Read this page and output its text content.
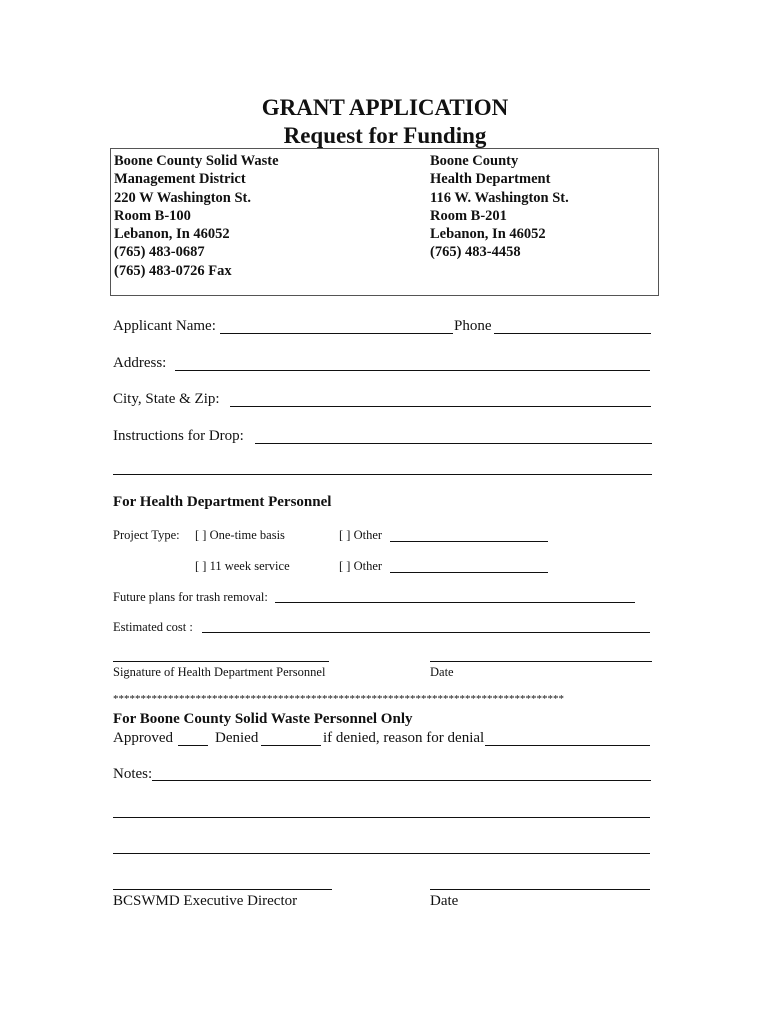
GRANT APPLICATION
Request for Funding
Boone County Solid Waste
Management District
220 W Washington St.
Room B-100
Lebanon, In 46052
(765) 483-0687
(765) 483-0726 Fax
Boone County
Health Department
116 W. Washington St.
Room B-201
Lebanon, In 46052
(765) 483-4458
Applicant Name:	Phone
Address:
City, State & Zip:
Instructions for Drop:
For Health Department Personnel
Project Type: [ ] One-time basis	[ ] Other
[ ] 11 week service	[ ] Other
Future plans for trash removal:
Estimated cost :
Signature of Health Department Personnel	Date
**********************************************************************************
For Boone County Solid Waste Personnel Only
Approved	Denied	if denied, reason for denial
Notes:
BCSWMD Executive Director	Date
